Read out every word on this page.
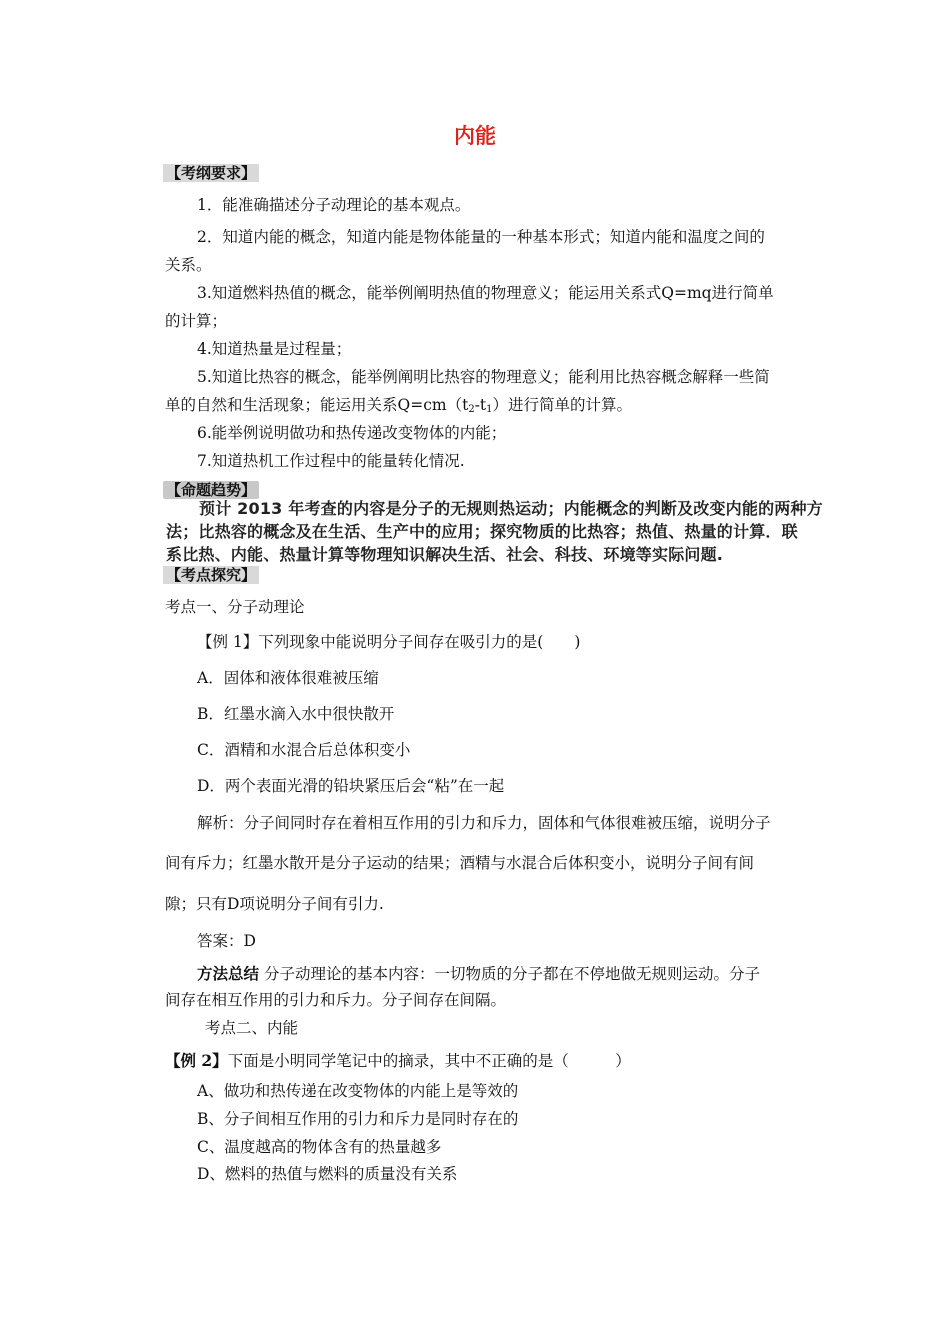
内能
【考纲要求】
1．能准确描述分子动理论的基本观点。
2．知道内能的概念，知道内能是物体能量的一种基本形式；知道内能和温度之间的
关系。
3.知道燃料热值的概念，能举例阐明热值的物理意义；能运用关系式Q=mq进行简单
的计算；
4.知道热量是过程量；
5.知道比热容的概念，能举例阐明比热容的物理意义；能利用比热容概念解释一些简
单的自然和生活现象；能运用关系$Q=cm(t_2-t_1)$进行简单的计算。
6.能举例说明做功和热传递改变物体的内能；
7.知道热机工作过程中的能量转化情况.
【命题趋势】
预计 2013 年考查的内容是分子的无规则热运动；内能概念的判断及改变内能的两种方
法；比热容的概念及在生活、生产中的应用；探究物质的比热容；热值、热量的计算．联
系比热、内能、热量计算等物理知识解决生活、社会、科技、环境等实际问题.
【考点探究】
考点一、分子动理论
【例 1】下列现象中能说明分子间存在吸引力的是(　　)
A．固体和液体很难被压缩
B．红墨水滴入水中很快散开
C．酒精和水混合后总体积变小
D．两个表面光滑的铅块紧压后会“粘”在一起
解析：分子间同时存在着相互作用的引力和斥力，固体和气体很难被压缩，说明分子
间有斥力；红墨水散开是分子运动的结果；酒精与水混合后体积变小，说明分子间有间
隙；只有D项说明分子间有引力.
答案：D
方法总结 分子动理论的基本内容：一切物质的分子都在不停地做无规则运动。分子
间存在相互作用的引力和斥力。分子间存在间隔。
考点二、内能
【例 2】下面是小明同学笔记中的摘录，其中不正确的是（　　　）
A、做功和热传递在改变物体的内能上是等效的
B、分子间相互作用的引力和斥力是同时存在的
C、温度越高的物体含有的热量越多
D、燃料的热值与燃料的质量没有关系
